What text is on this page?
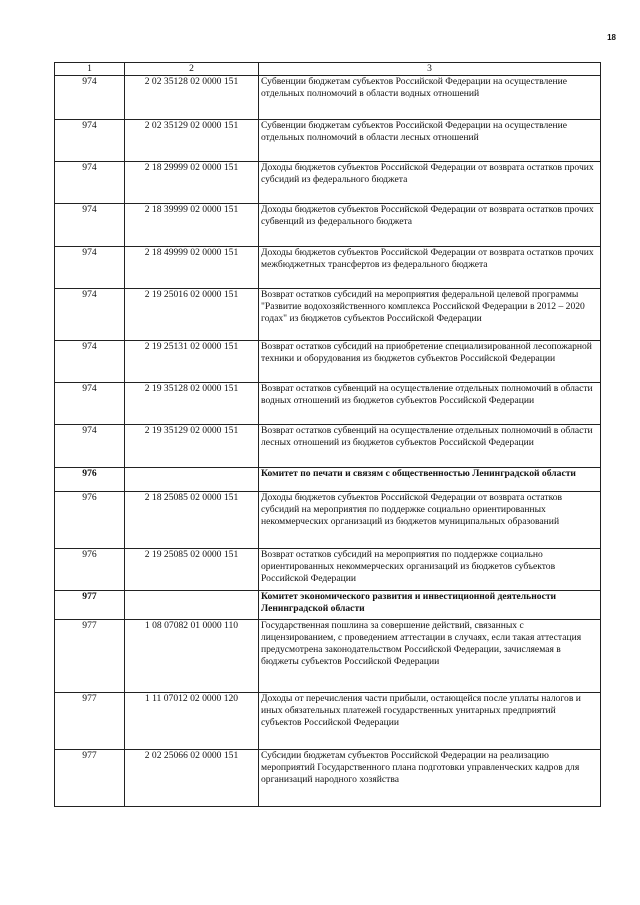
18
1	2	3
974	2 02 35128 02 0000 151	Субвенции бюджетам субъектов Российской Федерации на осуществление отдельных полномочий в области водных отношений
974	2 02 35129 02 0000 151	Субвенции бюджетам субъектов Российской Федерации на осуществление отдельных полномочий в области лесных отношений
974	2 18 29999 02 0000 151	Доходы бюджетов субъектов Российской Федерации от возврата остатков прочих субсидий из федерального бюджета
974	2 18 39999 02 0000 151	Доходы бюджетов субъектов Российской Федерации от возврата остатков прочих субвенций из федерального бюджета
974	2 18 49999 02 0000 151	Доходы бюджетов субъектов Российской Федерации от возврата остатков прочих межбюджетных трансфертов из федерального бюджета
974	2 19 25016 02 0000 151	Возврат остатков субсидий на мероприятия федеральной целевой программы "Развитие водохозяйственного комплекса Российской Федерации в 2012 – 2020 годах" из бюджетов субъектов Российской Федерации
974	2 19 25131 02 0000 151	Возврат остатков субсидий на приобретение специализированной лесопожарной техники и оборудования из бюджетов субъектов Российской Федерации
974	2 19 35128 02 0000 151	Возврат остатков субвенций на осуществление отдельных полномочий в области водных отношений из бюджетов субъектов Российской Федерации
974	2 19 35129 02 0000 151	Возврат остатков субвенций на осуществление отдельных полномочий в области лесных отношений из бюджетов субъектов Российской Федерации
976		Комитет по печати и связям с общественностью Ленинградской области
976	2 18 25085 02 0000 151	Доходы бюджетов субъектов Российской Федерации от возврата остатков субсидий на мероприятия по поддержке социально ориентированных некоммерческих организаций из бюджетов муниципальных образований
976	2 19 25085 02 0000 151	Возврат остатков субсидий на мероприятия по поддержке социально ориентированных некоммерческих организаций из бюджетов субъектов Российской Федерации
977		Комитет экономического развития и инвестиционной деятельности Ленинградской области
977	1 08 07082 01 0000 110	Государственная пошлина за совершение действий, связанных с лицензированием, с проведением аттестации в случаях, если такая аттестация предусмотрена законодательством Российской Федерации, зачисляемая в бюджеты субъектов Российской Федерации
977	1 11 07012 02 0000 120	Доходы от перечисления части прибыли, остающейся после уплаты налогов и иных обязательных платежей государственных унитарных предприятий субъектов Российской Федерации
977	2 02 25066 02 0000 151	Субсидии бюджетам субъектов Российской Федерации на реализацию мероприятий Государственного плана подготовки управленческих кадров для организаций народного хозяйства
